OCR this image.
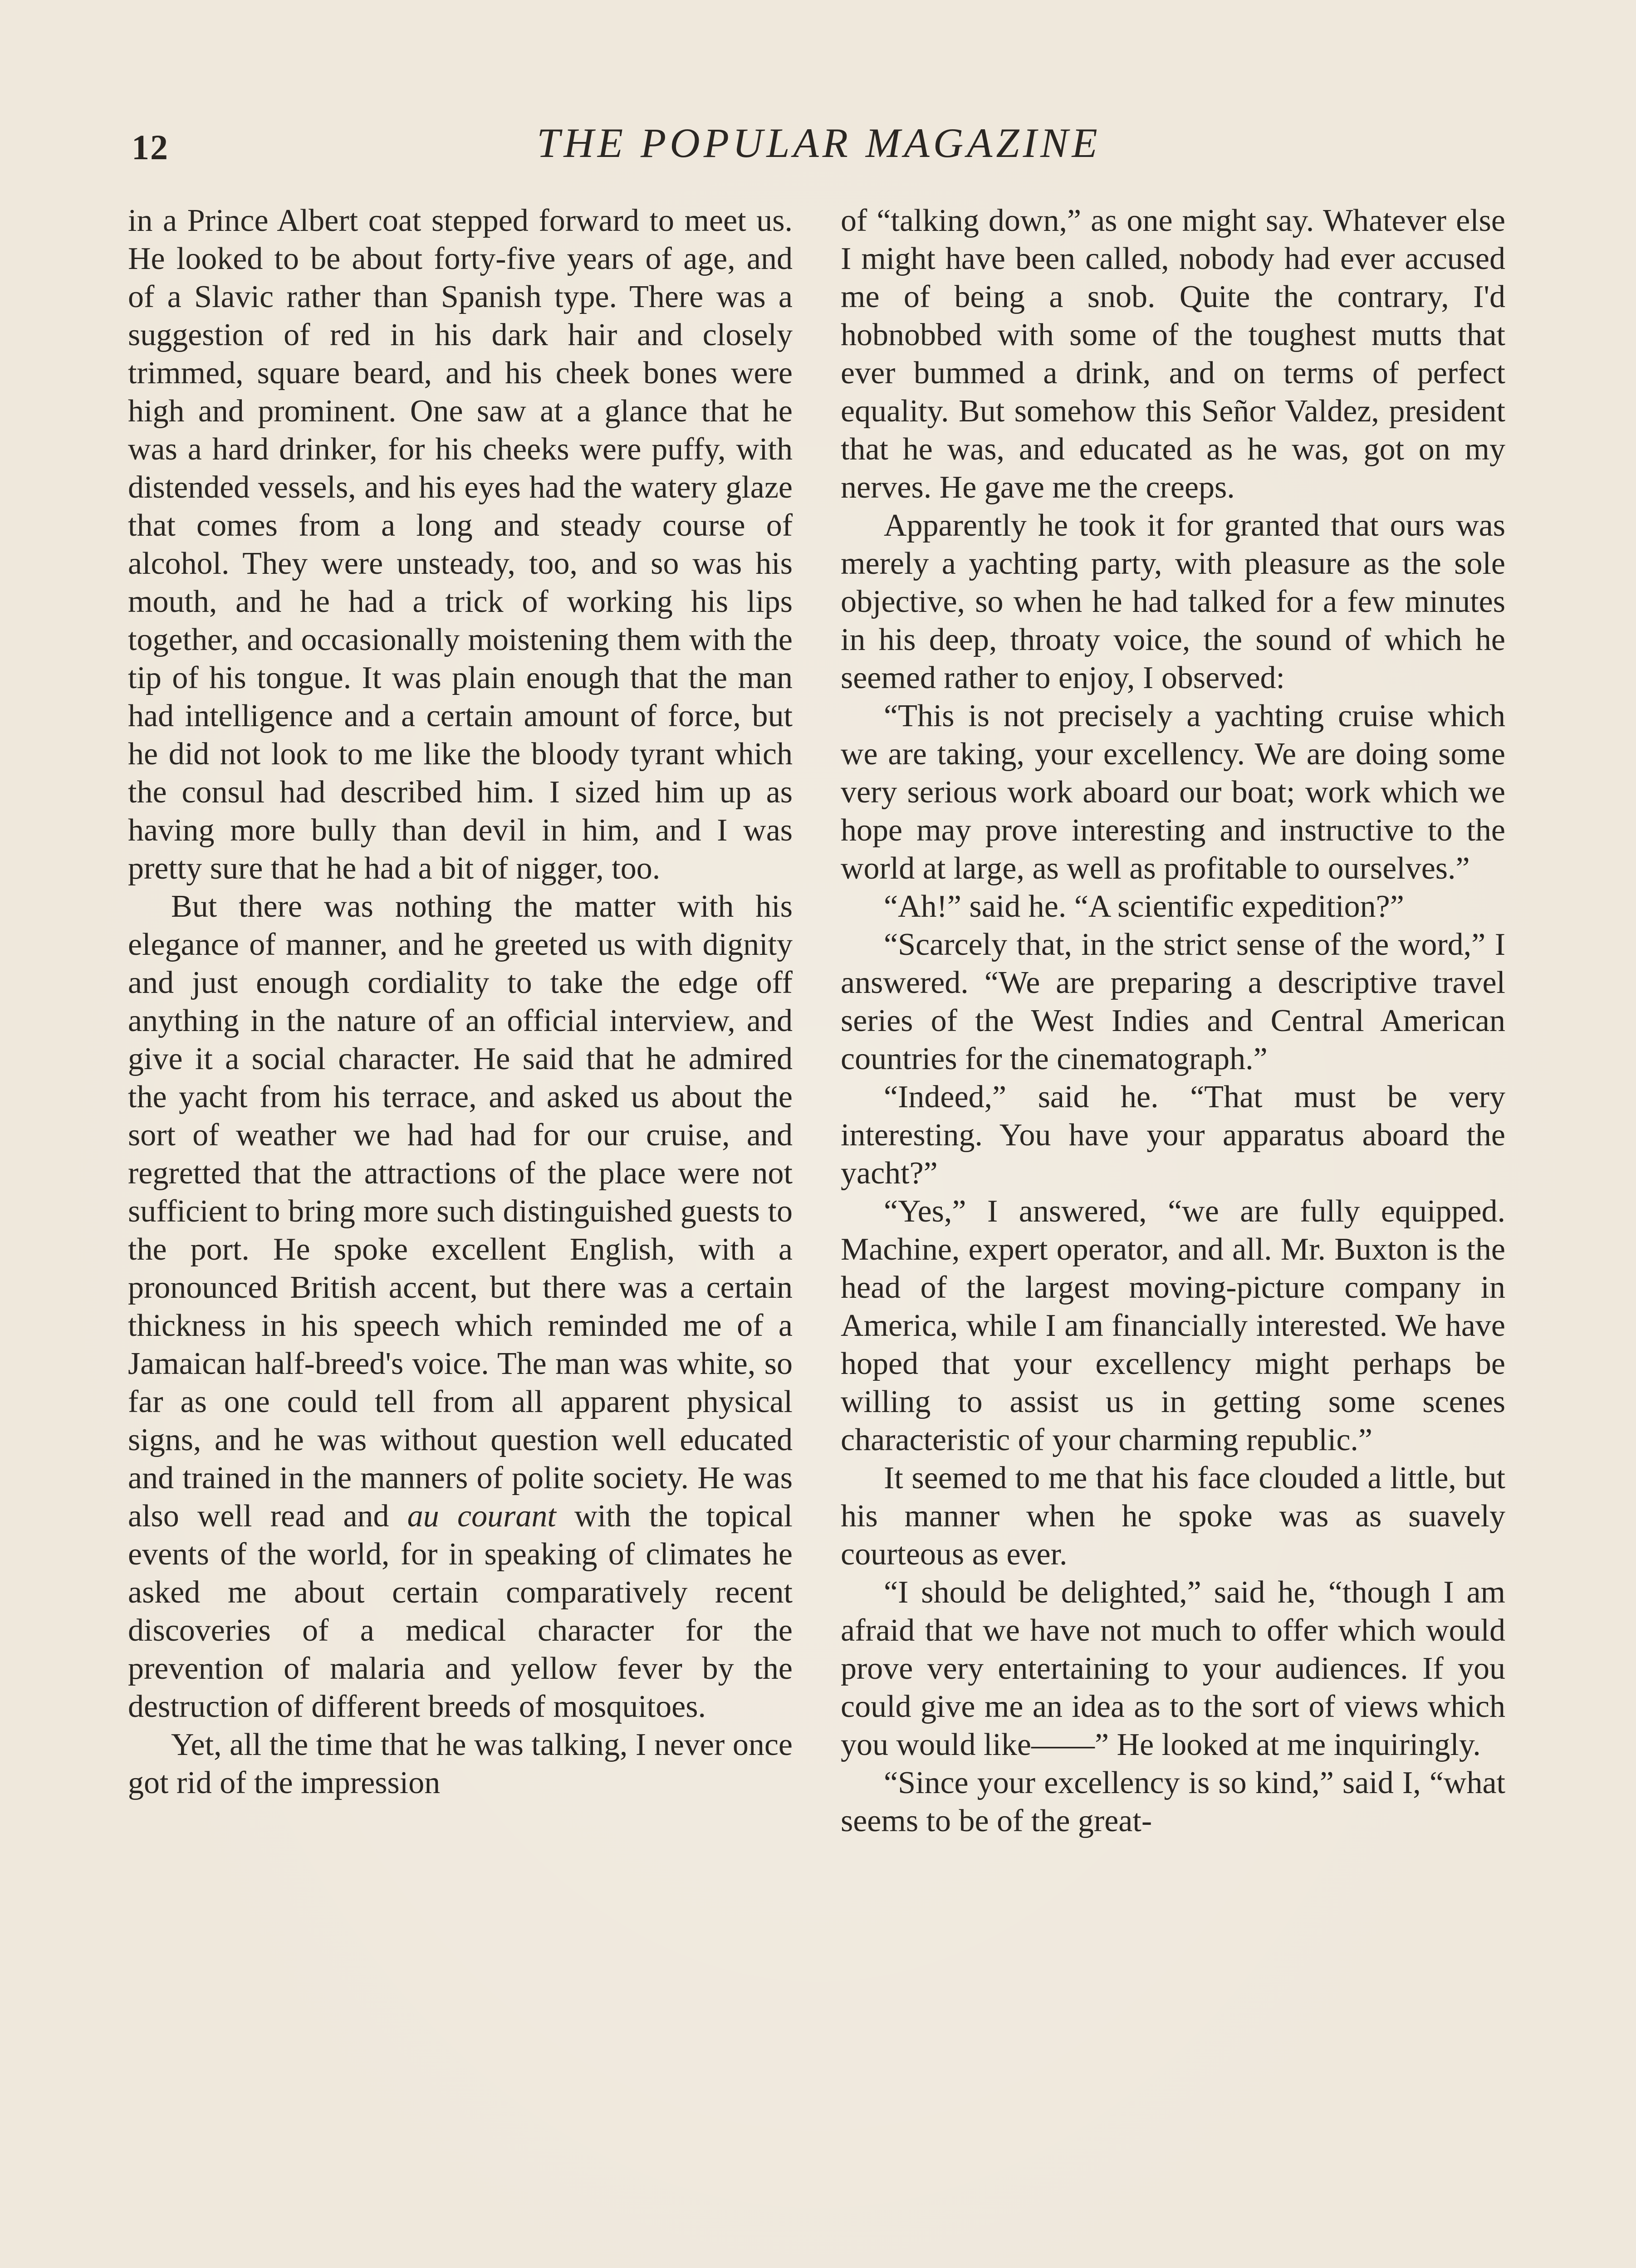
12	THE POPULAR MAGAZINE

in a Prince Albert coat stepped forward to meet us. He looked to be about forty-five years of age, and of a Slavic rather than Spanish type. There was a suggestion of red in his dark hair and closely trimmed, square beard, and his cheek bones were high and prominent. One saw at a glance that he was a hard drinker, for his cheeks were puffy, with distended vessels, and his eyes had the watery glaze that comes from a long and steady course of alcohol. They were unsteady, too, and so was his mouth, and he had a trick of working his lips together, and occasionally moistening them with the tip of his tongue. It was plain enough that the man had intelligence and a certain amount of force, but he did not look to me like the bloody tyrant which the consul had described him. I sized him up as having more bully than devil in him, and I was pretty sure that he had a bit of nigger, too.

But there was nothing the matter with his elegance of manner, and he greeted us with dignity and just enough cordiality to take the edge off anything in the nature of an official interview, and give it a social character. He said that he admired the yacht from his terrace, and asked us about the sort of weather we had had for our cruise, and regretted that the attractions of the place were not sufficient to bring more such distinguished guests to the port. He spoke excellent English, with a pronounced British accent, but there was a certain thickness in his speech which reminded me of a Jamaican half-breed's voice. The man was white, so far as one could tell from all apparent physical signs, and he was without question well educated and trained in the manners of polite society. He was also well read and au courant with the topical events of the world, for in speaking of climates he asked me about certain comparatively recent discoveries of a medical character for the prevention of malaria and yellow fever by the destruction of different breeds of mosquitoes.

Yet, all the time that he was talking, I never once got rid of the impression

of “talking down,” as one might say. Whatever else I might have been called, nobody had ever accused me of being a snob. Quite the contrary, I'd hobnobbed with some of the toughest mutts that ever bummed a drink, and on terms of perfect equality. But somehow this Señor Valdez, president that he was, and educated as he was, got on my nerves. He gave me the creeps.

Apparently he took it for granted that ours was merely a yachting party, with pleasure as the sole objective, so when he had talked for a few minutes in his deep, throaty voice, the sound of which he seemed rather to enjoy, I observed:

“This is not precisely a yachting cruise which we are taking, your excellency. We are doing some very serious work aboard our boat; work which we hope may prove interesting and instructive to the world at large, as well as profitable to ourselves.”

“Ah!” said he. “A scientific expedition?”

“Scarcely that, in the strict sense of the word,” I answered. “We are preparing a descriptive travel series of the West Indies and Central American countries for the cinematograph.”

“Indeed,” said he. “That must be very interesting. You have your apparatus aboard the yacht?”

“Yes,” I answered, “we are fully equipped. Machine, expert operator, and all. Mr. Buxton is the head of the largest moving-picture company in America, while I am financially interested. We have hoped that your excellency might perhaps be willing to assist us in getting some scenes characteristic of your charming republic.”

It seemed to me that his face clouded a little, but his manner when he spoke was as suavely courteous as ever.

“I should be delighted,” said he, “though I am afraid that we have not much to offer which would prove very entertaining to your audiences. If you could give me an idea as to the sort of views which you would like——” He looked at me inquiringly.

“Since your excellency is so kind,” said I, “what seems to be of the great-
